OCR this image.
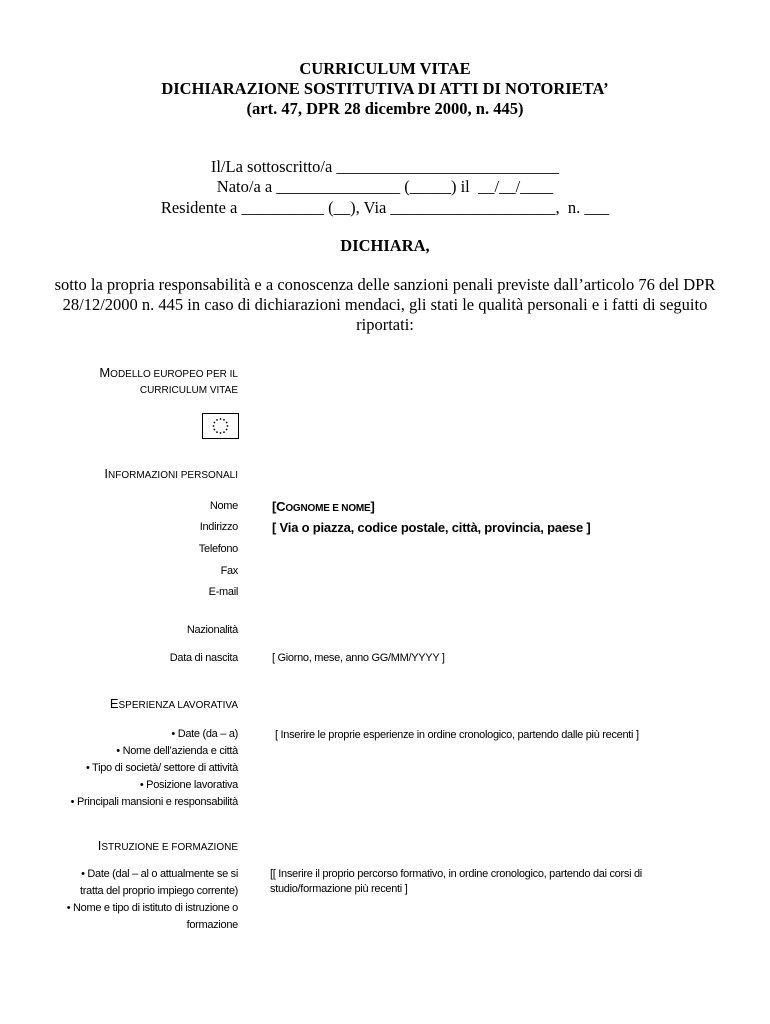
CURRICULUM VITAE
DICHIARAZIONE SOSTITUTIVA DI ATTI DI NOTORIETA’
(art. 47, DPR 28 dicembre 2000, n. 445)
Il/La sottoscritto/a ___________________________
Nato/a a _______________ (_____) il  __/__/____
Residente a __________ (__), Via ____________________,  n. ___
DICHIARA,
sotto la propria responsabilità e a conoscenza delle sanzioni penali previste dall’articolo 76 del DPR 28/12/2000 n. 445 in caso di dichiarazioni mendaci, gli stati le qualità personali e i fatti di seguito riportati:
MODELLO EUROPEO PER IL
CURRICULUM VITAE
INFORMAZIONI PERSONALI
Nome	[COGNOME E NOME]
Indirizzo	[ Via o piazza, codice postale, città, provincia, paese ]
Telefono
Fax
E-mail
Nazionalità
Data di nascita	[ Giorno, mese, anno GG/MM/YYYY ]
ESPERIENZA LAVORATIVA
• Date (da – a)
• Nome dell’azienda e città
• Tipo di società/ settore di attività
• Posizione lavorativa
• Principali mansioni e responsabilità
[ Inserire le proprie esperienze in ordine cronologico, partendo dalle più recenti ]
ISTRUZIONE E FORMAZIONE
• Date (dal – al o attualmente se si
tratta del proprio impiego corrente)
• Nome e tipo di istituto di istruzione o
formazione
[[ Inserire il proprio percorso formativo, in ordine cronologico, partendo dai corsi di studio/formazione più recenti ]
